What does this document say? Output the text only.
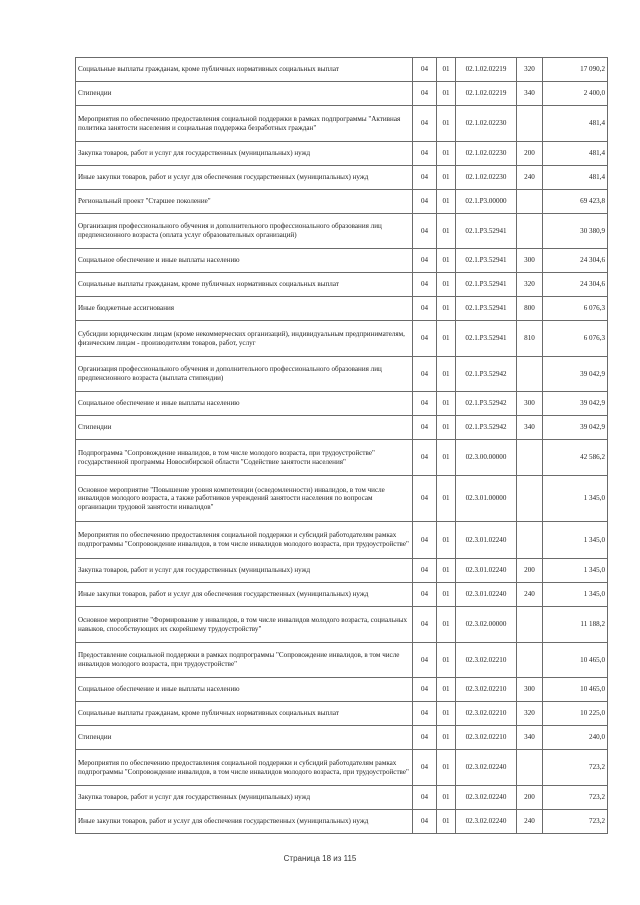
Социальные выплаты гражданам, кроме публичных нормативных социальных выплат	04	01	02.1.02.02219	320	17 090,2
Стипендии	04	01	02.1.02.02219	340	2 400,0
Мероприятия по обеспечению предоставления социальной поддержки в рамках подпрограммы "Активная политика занятости населения и социальная поддержка безработных граждан"	04	01	02.1.02.02230		481,4
Закупка товаров, работ и услуг для государственных (муниципальных) нужд	04	01	02.1.02.02230	200	481,4
Иные закупки товаров, работ и услуг для обеспечения государственных (муниципальных) нужд	04	01	02.1.02.02230	240	481,4
Региональный проект "Старшее поколение"	04	01	02.1.P3.00000		69 423,8
Организация профессионального обучения и дополнительного профессионального образования лиц предпенсионного возраста (оплата услуг образовательных организаций)	04	01	02.1.P3.52941		30 380,9
Социальное обеспечение и иные выплаты населению	04	01	02.1.P3.52941	300	24 304,6
Социальные выплаты гражданам, кроме публичных нормативных социальных выплат	04	01	02.1.P3.52941	320	24 304,6
Иные бюджетные ассигнования	04	01	02.1.P3.52941	800	6 076,3
Субсидии юридическим лицам (кроме некоммерческих организаций), индивидуальным предпринимателям, физическим лицам - производителям товаров, работ, услуг	04	01	02.1.P3.52941	810	6 076,3
Организация профессионального обучения и дополнительного профессионального образования лиц предпенсионного возраста (выплата стипендии)	04	01	02.1.P3.52942		39 042,9
Социальное обеспечение и иные выплаты населению	04	01	02.1.P3.52942	300	39 042,9
Стипендии	04	01	02.1.P3.52942	340	39 042,9
Подпрограмма "Сопровождение инвалидов, в том числе молодого возраста, при трудоустройстве" государственной программы Новосибирской области "Содействие занятости населения"	04	01	02.3.00.00000		42 586,2
Основное мероприятие "Повышение уровня компетенции (осведомленности) инвалидов, в том числе инвалидов молодого возраста, а также работников учреждений занятости населения по вопросам организации трудовой занятости инвалидов"	04	01	02.3.01.00000		1 345,0
Мероприятия по обеспечению предоставления социальной поддержки и субсидий работодателям рамках подпрограммы "Сопровождение инвалидов, в том числе инвалидов молодого возраста, при трудоустройстве"	04	01	02.3.01.02240		1 345,0
Закупка товаров, работ и услуг для государственных (муниципальных) нужд	04	01	02.3.01.02240	200	1 345,0
Иные закупки товаров, работ и услуг для обеспечения государственных (муниципальных) нужд	04	01	02.3.01.02240	240	1 345,0
Основное мероприятие "Формирование у инвалидов, в том числе инвалидов молодого возраста, социальных навыков, способствующих их скорейшему трудоустройству"	04	01	02.3.02.00000		11 188,2
Предоставление социальной поддержки в рамках подпрограммы "Сопровождение инвалидов, в том числе инвалидов молодого возраста, при трудоустройстве"	04	01	02.3.02.02210		10 465,0
Социальное обеспечение и иные выплаты населению	04	01	02.3.02.02210	300	10 465,0
Социальные выплаты гражданам, кроме публичных нормативных социальных выплат	04	01	02.3.02.02210	320	10 225,0
Стипендии	04	01	02.3.02.02210	340	240,0
Мероприятия по обеспечению предоставления социальной поддержки и субсидий работодателям рамках подпрограммы "Сопровождение инвалидов, в том числе инвалидов молодого возраста, при трудоустройстве"	04	01	02.3.02.02240		723,2
Закупка товаров, работ и услуг для государственных (муниципальных) нужд	04	01	02.3.02.02240	200	723,2
Иные закупки товаров, работ и услуг для обеспечения государственных (муниципальных) нужд	04	01	02.3.02.02240	240	723,2
Страница 18 из 115
